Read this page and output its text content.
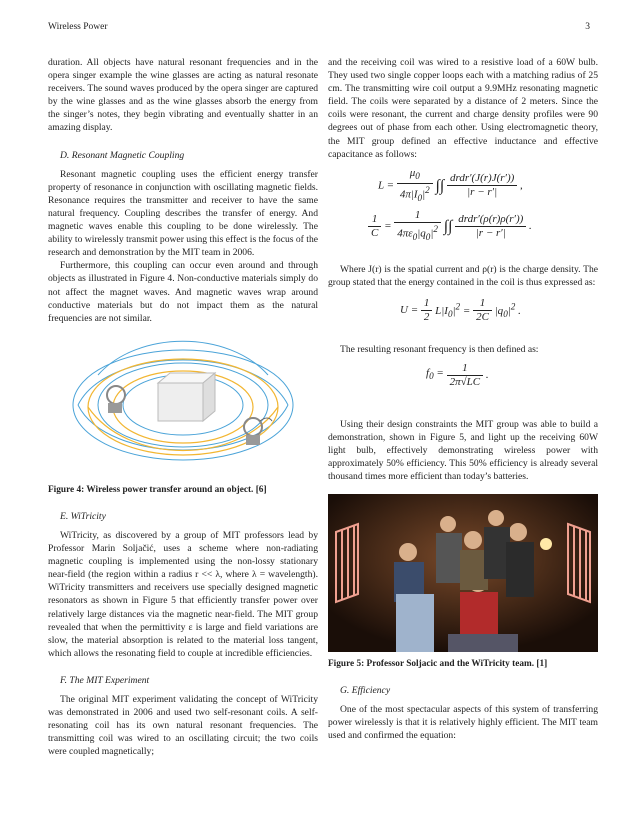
Wireless Power	3

duration. All objects have natural resonant frequencies and in the opera singer example the wine glasses are acting as natural resonate receivers. The sound waves produced by the opera singer are captured by the wine glasses and as the wine glasses absorb the energy from the singer’s notes, they begin vibrating and eventually shatter in an amazing display.

D. Resonant Magnetic Coupling

Resonant magnetic coupling uses the efficient energy transfer property of resonance in conjunction with oscillating magnetic fields. Resonance requires the transmitter and receiver to have the same natural frequency. Coupling describes the transfer of energy. And magnetic waves enable this coupling to be done wirelessly. The ability to wirelessly transmit power using this effect is the focus of the research and demonstration by the MIT team in 2006.

Furthermore, this coupling can occur even around and through objects as illustrated in Figure 4. Non-conductive materials simply do not affect the magnet waves. And magnetic waves wrap around conductive materials but do not impact them as the natural frequencies are not similar.

Figure 4: Wireless power transfer around an object. [6]
E. WiTricity

WiTricity, as discovered by a group of MIT professors lead by Professor Marin Soljačić, uses a scheme where non-radiating magnetic coupling is implemented using the non-lossy stationary near-field (the region within a radius r << λ, where λ = wavelength). WiTricity transmitters and receivers use specially designed magnetic resonators as shown in Figure 5 that efficiently transfer power over relatively large distances via the magnetic near-field. The MIT group revealed that when the permittivity ε is large and field variations are slow, the material absorption is related to the material loss tangent, which allows the resonating field to couple at incredible efficiencies.

F. The MIT Experiment

The original MIT experiment validating the concept of WiTricity was demonstrated in 2006 and used two self-resonant coils. A self-resonating coil has its own natural resonant frequencies. The transmitting coil was wired to an oscillating circuit; the two coils were coupled magnetically;

and the receiving coil was wired to a resistive load of a 60W bulb. They used two single copper loops each with a matching radius of 25 cm. The transmitting wire coil output a 9.9MHz resonating magnetic field. The coils were separated by a distance of 2 meters. Since the coils were resonant, the current and charge density profiles were 90 degrees out of phase from each other. Using electromagnetic theory, the MIT group defined an effective inductance and effective capacitance as follows:

$L = \frac{\mu_0}{4\pi|I_0|^2}$ ∫∫ $\frac{\text{drdr′(J(r)J(r′))}}{|r - r'|}$ ,
$\frac{1}{C} = \frac{1}{4\pi\varepsilon_0|q_0|^2}$ ∫∫ $\frac{\text{drdr′(ρ(r)ρ(r′))}}{|r - r'|}$ .

Where J(r) is the spatial current and ρ(r) is the charge density. The group stated that the energy contained in the coil is thus expressed as:

$U = \frac{1}{2} L|I_0|^2 = \frac{1}{2C} |q_0|^2$ .

The resulting resonant frequency is then defined as:

$f_0 = \frac{1}{2\pi√LC}$ .

Using their design constraints the MIT group was able to build a demonstration, shown in Figure 5, and light up the receiving 60W light bulb, effectively demonstrating wireless power with approximately 50% efficiency. This 50% efficiency is already several thousand times more efficient than today’s batteries.

Figure 5: Professor Soljacic and the WiTricity team. [1]
G. Efficiency

One of the most spectacular aspects of this system of transferring power wirelessly is that it is relatively highly efficient. The MIT team used and confirmed the equation:
